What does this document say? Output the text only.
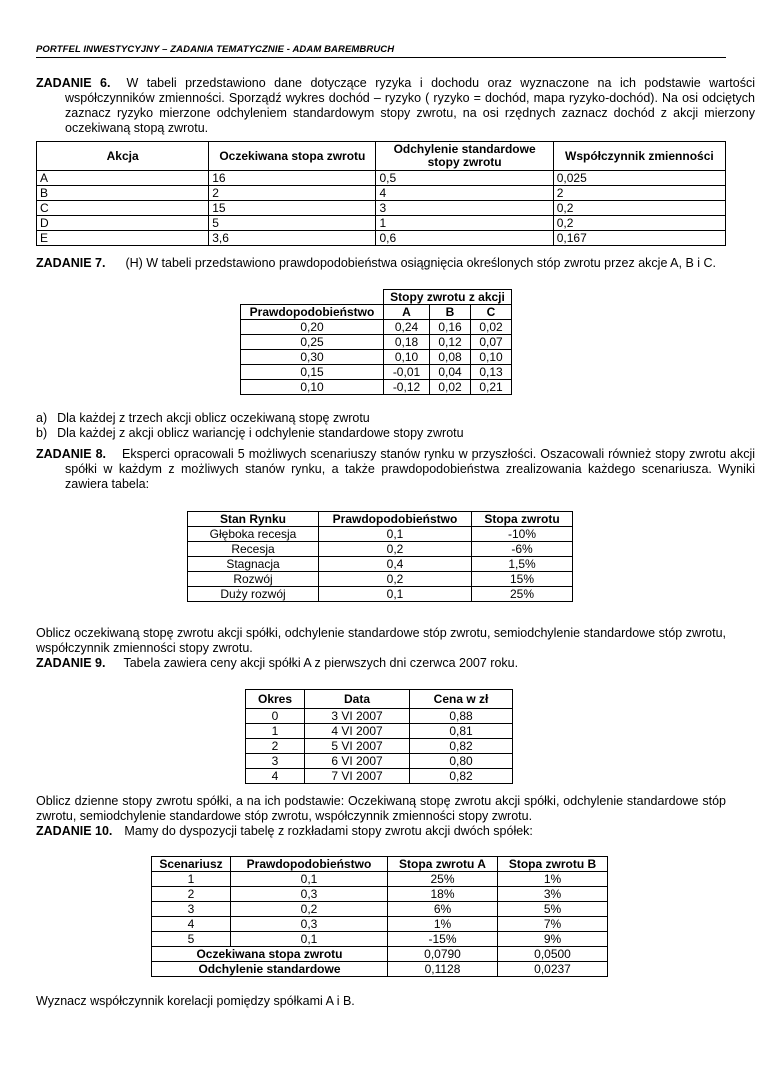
PORTFEL INWESTYCYJNY – ZADANIA TEMATYCZNIE - ADAM BAREMBRUCH
ZADANIE 6. W tabeli przedstawiono dane dotyczące ryzyka i dochodu oraz wyznaczone na ich podstawie wartości współczynników zmienności. Sporządź wykres dochód – ryzyko ( ryzyko = dochód, mapa ryzyko-dochód). Na osi odciętych zaznacz ryzyko mierzone odchyleniem standardowym stopy zwrotu, na osi rzędnych zaznacz dochód z akcji mierzony oczekiwaną stopą zwrotu.
Akcja	Oczekiwana stopa zwrotu	Odchylenie standardowe stopy zwrotu	Współczynnik zmienności
A	16	0,5	0,025
B	2	4	2
C	15	3	0,2
D	5	1	0,2
E	3,6	0,6	0,167
ZADANIE 7. (H) W tabeli przedstawiono prawdopodobieństwa osiągnięcia określonych stóp zwrotu przez akcje A, B i C.
	Stopy zwrotu z akcji		
Prawdopodobieństwo	A	B	C
0,20	0,24	0,16	0,02
0,25	0,18	0,12	0,07
0,30	0,10	0,08	0,10
0,15	-0,01	0,04	0,13
0,10	-0,12	0,02	0,21
a) Dla każdej z trzech akcji oblicz oczekiwaną stopę zwrotu
b) Dla każdej z akcji oblicz wariancję i odchylenie standardowe stopy zwrotu
ZADANIE 8. Eksperci opracowali 5 możliwych scenariuszy stanów rynku w przyszłości. Oszacowali również stopy zwrotu akcji spółki w każdym z możliwych stanów rynku, a także prawdopodobieństwa zrealizowania każdego scenariusza. Wyniki zawiera tabela:
Stan Rynku	Prawdopodobieństwo	Stopa zwrotu
Głęboka recesja	0,1	-10%
Recesja	0,2	-6%
Stagnacja	0,4	1,5%
Rozwój	0,2	15%
Duży rozwój	0,1	25%
Oblicz oczekiwaną stopę zwrotu akcji spółki, odchylenie standardowe stóp zwrotu, semiodchylenie standardowe stóp zwrotu, współczynnik zmienności stopy zwrotu.
ZADANIE 9. Tabela zawiera ceny akcji spółki A z pierwszych dni czerwca 2007 roku.
Okres	Data	Cena w zł
0	3 VI 2007	0,88
1	4 VI 2007	0,81
2	5 VI 2007	0,82
3	6 VI 2007	0,80
4	7 VI 2007	0,82
Oblicz dzienne stopy zwrotu spółki, a na ich podstawie: Oczekiwaną stopę zwrotu akcji spółki, odchylenie standardowe stóp zwrotu, semiodchylenie standardowe stóp zwrotu, współczynnik zmienności stopy zwrotu.
ZADANIE 10. Mamy do dyspozycji tabelę z rozkładami stopy zwrotu akcji dwóch spółek:
Scenariusz	Prawdopodobieństwo	Stopa zwrotu A	Stopa zwrotu B
1	0,1	25%	1%
2	0,3	18%	3%
3	0,2	6%	5%
4	0,3	1%	7%
5	0,1	-15%	9%
Oczekiwana stopa zwrotu		0,0790	0,0500
Odchylenie standardowe		0,1128	0,0237
Wyznacz współczynnik korelacji pomiędzy spółkami A i B.
